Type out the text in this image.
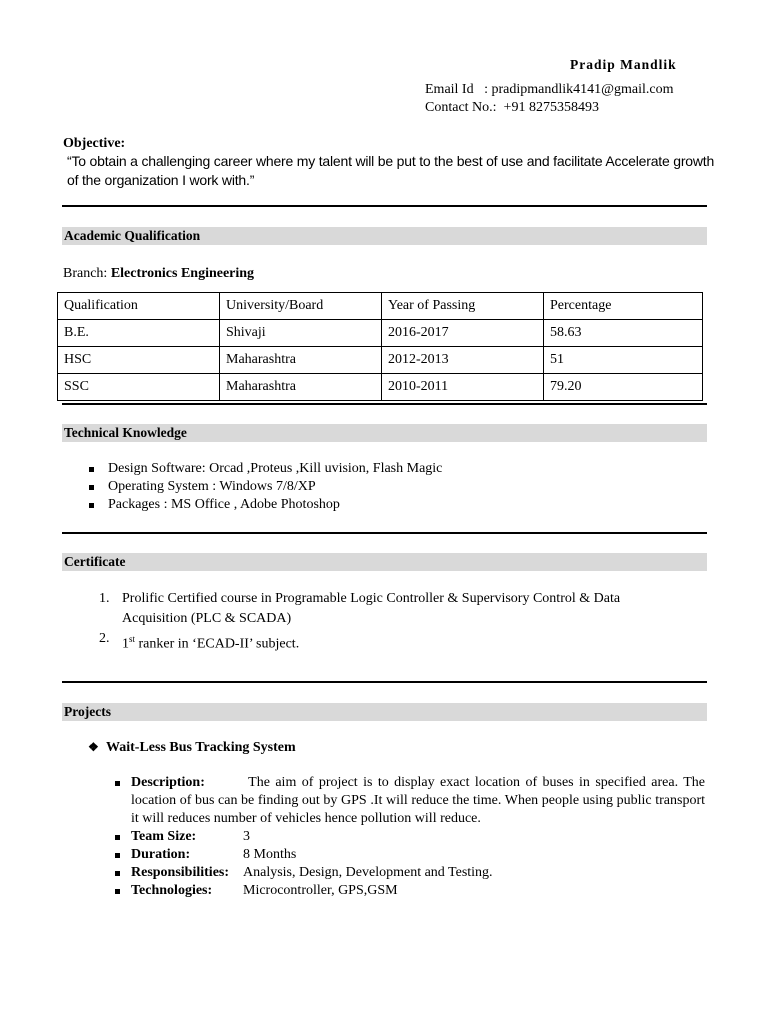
Pradip Mandlik
Email Id : pradipmandlik4141@gmail.com
Contact No.: +91 8275358493
Objective:
“To obtain a challenging career where my talent will be put to the best of use and facilitate Accelerate growth
of the organization I work with.”
Academic Qualification
Branch: Electronics Engineering
Qualification	University/Board	Year of Passing	Percentage
B.E.	Shivaji	2016-2017	58.63
HSC	Maharashtra	2012-2013	51
SSC	Maharashtra	2010-2011	79.20
Technical Knowledge
Design Software: Orcad ,Proteus ,Kill uvision, Flash Magic
Operating System : Windows 7/8/XP
Packages : MS Office , Adobe Photoshop
Certificate
1. Prolific Certified course in Programable Logic Controller & Supervisory Control & Data
Acquisition (PLC & SCADA)
2. 1st ranker in ‘ECAD-II’ subject.
Projects
❖ Wait-Less Bus Tracking System
Description:	The aim of project is to display exact location of buses in specified area. The location of bus can be finding out by GPS .It will reduce the time. When people using public transport it will reduces number of vehicles hence pollution will reduce.
Team Size:	3
Duration:	8 Months
Responsibilities: Analysis, Design, Development and Testing.
Technologies: Microcontroller, GPS,GSM
